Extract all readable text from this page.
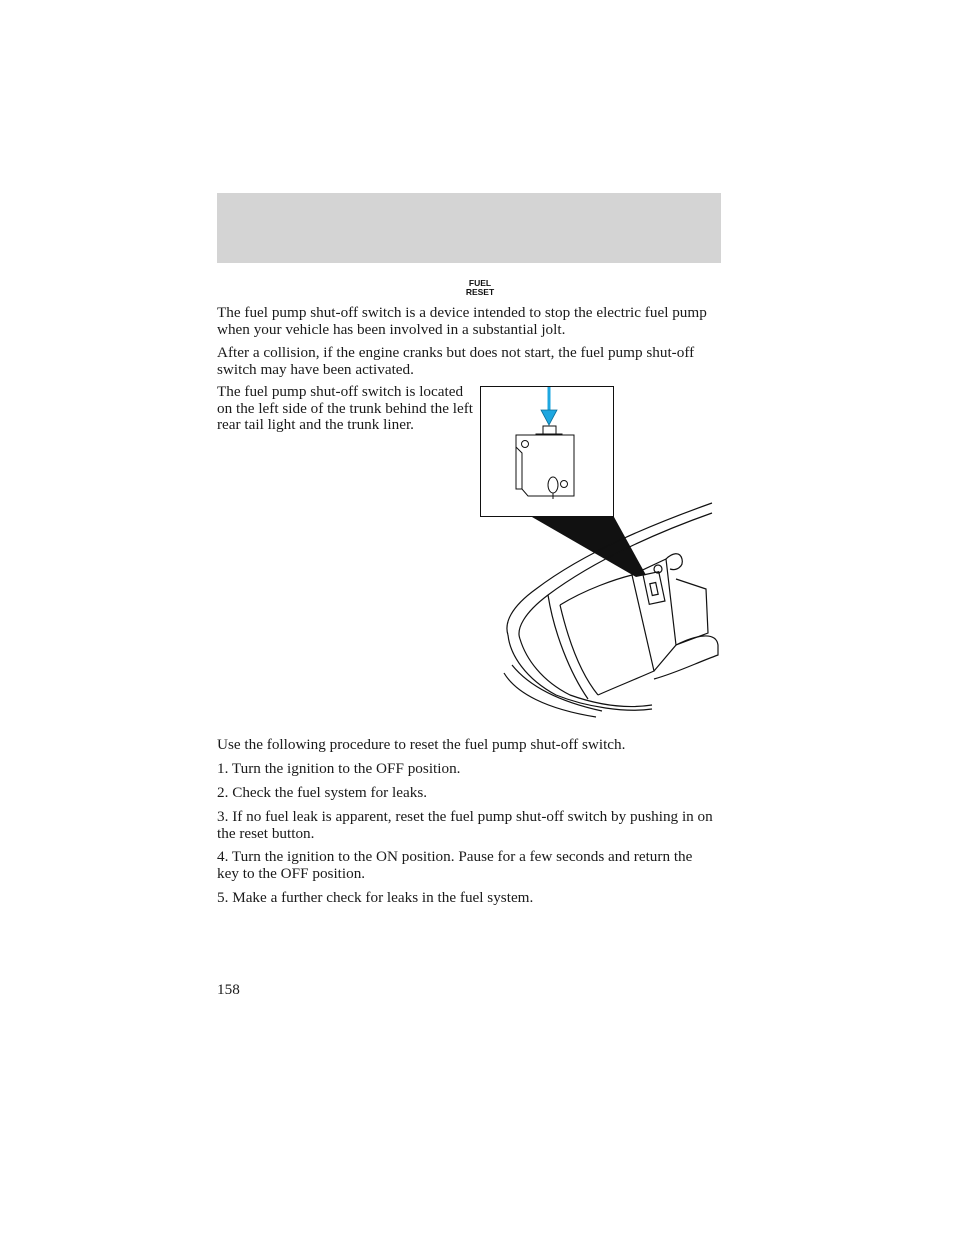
FUEL
RESET

The fuel pump shut-off switch is a device intended to stop the electric fuel pump when your vehicle has been involved in a substantial jolt.

After a collision, if the engine cranks but does not start, the fuel pump shut-off switch may have been activated.

The fuel pump shut-off switch is located on the left side of the trunk behind the left rear tail light and the trunk liner.

Use the following procedure to reset the fuel pump shut-off switch.

1. Turn the ignition to the OFF position.

2. Check the fuel system for leaks.

3. If no fuel leak is apparent, reset the fuel pump shut-off switch by pushing in on the reset button.

4. Turn the ignition to the ON position. Pause for a few seconds and return the key to the OFF position.

5. Make a further check for leaks in the fuel system.

158
